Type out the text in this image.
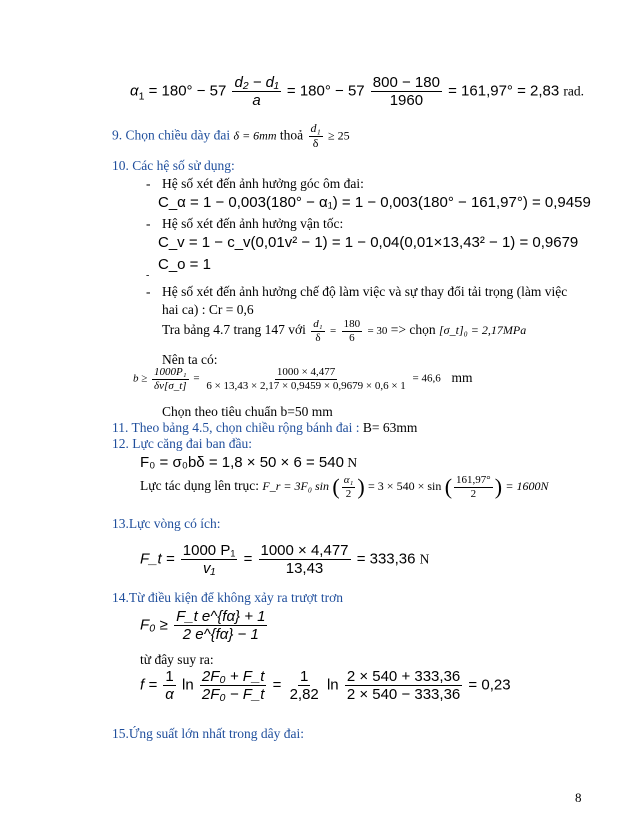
$\alpha_1 = 180^\circ - 57 \frac{\text{d₂ − d₁}}{a} = 180^\circ - 57 \frac{800 - 180}{1960} = 161,97^\circ = 2,83$ rad.
9. Chọn chiều dày đai δ = 6mm thoả $\frac{\text{d₁}}{\delta} \ge 25$
10. Các hệ số sử dụng:
- Hệ số xét đến ảnh hưởng góc ôm đai:
C_α = 1 − 0,003(180° − α₁) = 1 − 0,003(180° − 161,97°) = 0,9459
- Hệ số xét đến ảnh hưởng vận tốc:
C_v = 1 − c_v(0,01v² − 1) = 1 − 0,04(0,01×13,43² − 1) = 0,9679
C_o = 1
-
- Hệ số xét đến ảnh hưởng chế độ làm việc và sự thay đổi tải trọng (làm việc
hai ca) : Cr = 0,6
Tra bảng 4.7 trang 147 với $\frac{\text{d₁}}{\delta} = \frac{180}{6} = 30$ => chọn [σ_t]₀ = 2,17MPa
Nên ta có:
$b \ge \frac{\text{1000P₁}}{\delta v[\sigma\_t]} = \frac{1000 \times 4,477}{6 \times 13,43 \times 2,17 \times 0,9459 \times 0,9679 \times 0,6 \times 1} = 46,6$ mm
Chọn theo tiêu chuẩn b=50 mm
11. Theo bảng 4.5, chọn chiều rộng bánh đai : B= 63mm
12. Lực căng đai ban đầu:
F₀ = σ₀bδ = 1,8 × 50 × 6 = 540 N
Lực tác dụng lên trục: F_r = 3F₀ sin ( $\frac{\text{α₁}}{2}$ ) = 3 × 540 × sin ( $\frac{161,97^\circ}{2}$ ) = 1600N
13.Lực vòng có ích:
F_t = $\frac{\text{1000 P₁}}{\text{v₁}} = \frac{1000 \times 4,477}{13,43} = 333,36$ N
14.Từ điều kiện để không xảy ra trượt trơn
$F_0 \ge \frac{\text{F\_t e\textasciicircum{}\{fα\} + 1}}{2 e\^{}\{f\alpha\} - 1}$
từ đây suy ra:
$f = \frac{1}{\alpha}$ $\ln \frac{\text{2F₀ + F\_t}}{\text{2F₀ − F\_t}} = \frac{1}{2,82}$ $\ln \frac{2 \times 540 + 333,36}{2 \times 540 - 333,36} = 0,23$
15.Ứng suất lớn nhất trong dây đai:
8
